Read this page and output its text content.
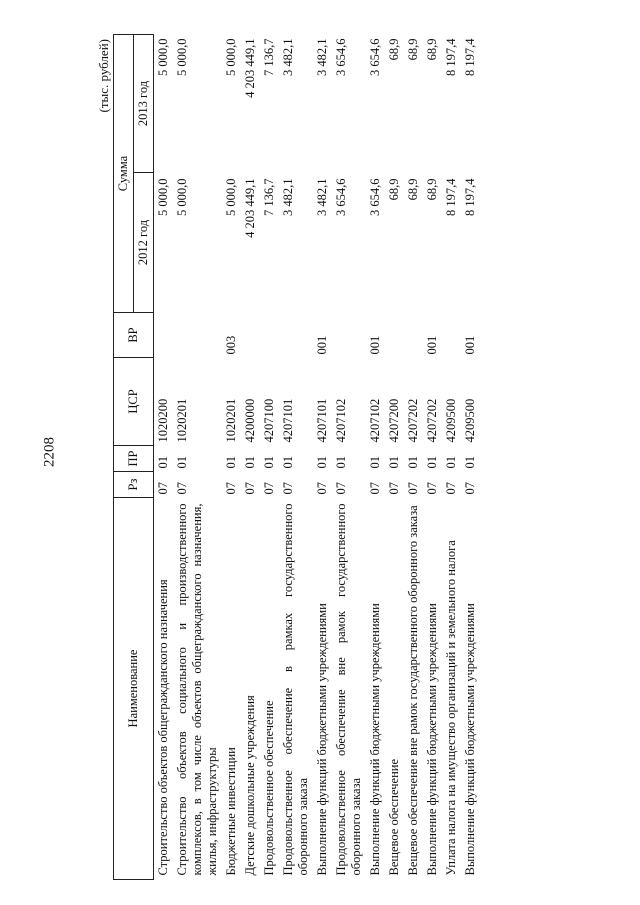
2208
(тыс. рублей)
Наименование	Рз	ПР	ЦСР	ВР	Сумма	
					2012 год	2013 год
Строительство объектов общегражданского назначения	07	01	1020200		5 000,0	5 000,0
Строительство объектов социального и производственного комплексов, в том числе объектов общегражданского назначения, жилья, инфраструктуры	07	01	1020201		5 000,0	5 000,0
Бюджетные инвестиции	07	01	1020201	003	5 000,0	5 000,0
Детские дошкольные учреждения	07	01	4200000		4 203 449,1	4 203 449,1
Продовольственное обеспечение	07	01	4207100		7 136,7	7 136,7
Продовольственное обеспечение в рамках государственного оборонного заказа	07	01	4207101		3 482,1	3 482,1
Выполнение функций бюджетными учреждениями	07	01	4207101	001	3 482,1	3 482,1
Продовольственное обеспечение вне рамок государственного оборонного заказа	07	01	4207102		3 654,6	3 654,6
Выполнение функций бюджетными учреждениями	07	01	4207102	001	3 654,6	3 654,6
Вещевое обеспечение	07	01	4207200		68,9	68,9
Вещевое обеспечение вне рамок государственного оборонного заказа	07	01	4207202		68,9	68,9
Выполнение функций бюджетными учреждениями	07	01	4207202	001	68,9	68,9
Уплата налога на имущество организаций и земельного налога	07	01	4209500		8 197,4	8 197,4
Выполнение функций бюджетными учреждениями	07	01	4209500	001	8 197,4	8 197,4
